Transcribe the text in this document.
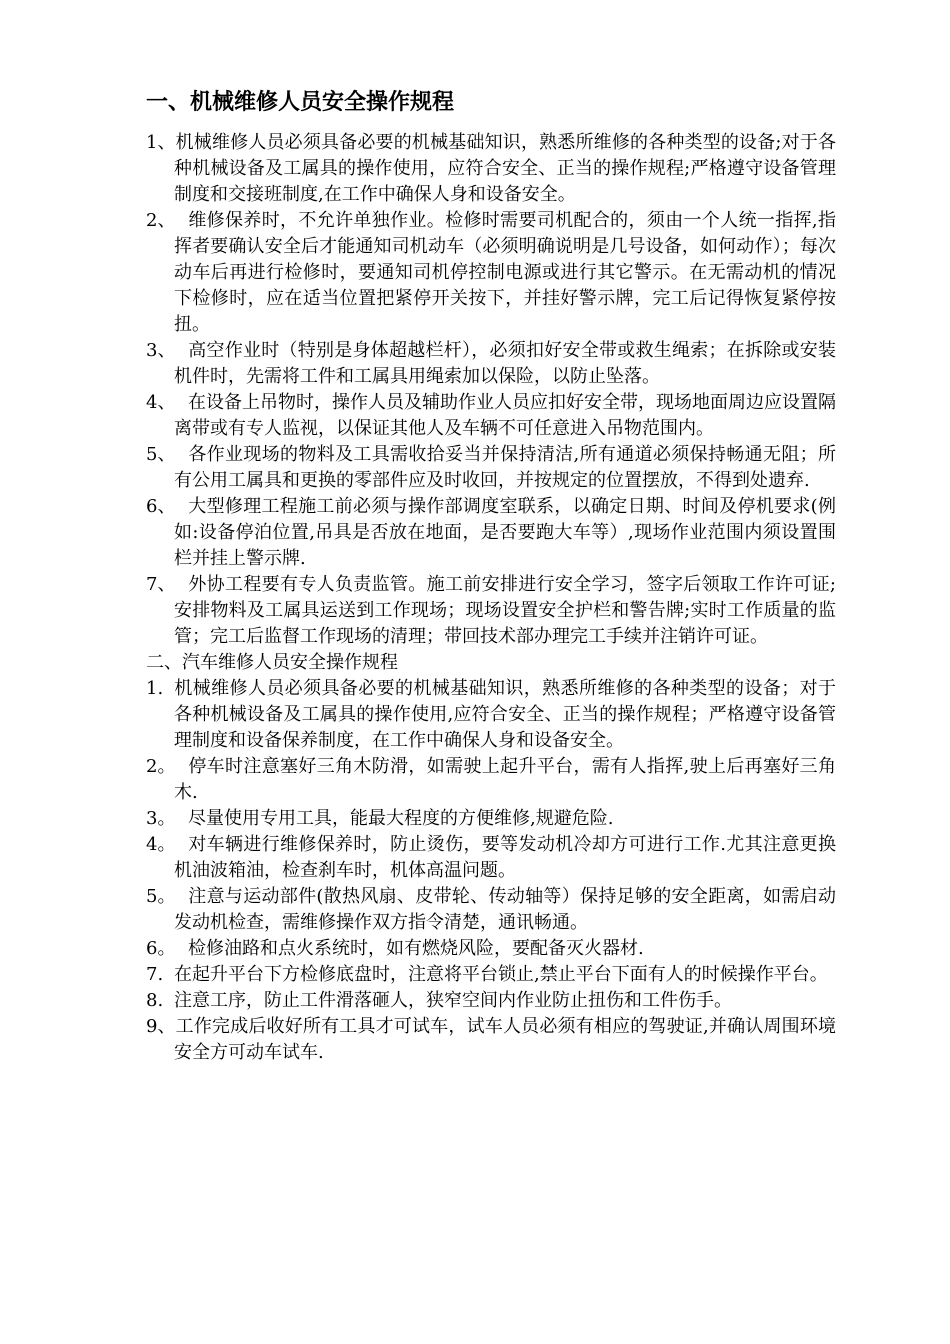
一、机械维修人员安全操作规程

1、机械维修人员必须具备必要的机械基础知识，熟悉所维修的各种类型的设备;对于各种机械设备及工属具的操作使用，应符合安全、正当的操作规程;严格遵守设备管理制度和交接班制度,在工作中确保人身和设备安全。

2、 维修保养时，不允许单独作业。检修时需要司机配合的，须由一个人统一指挥,指挥者要确认安全后才能通知司机动车（必须明确说明是几号设备，如何动作）；每次动车后再进行检修时，要通知司机停控制电源或进行其它警示。在无需动机的情况下检修时，应在适当位置把紧停开关按下，并挂好警示牌，完工后记得恢复紧停按扭。

3、 高空作业时（特别是身体超越栏杆），必须扣好安全带或救生绳索；在拆除或安装机件时，先需将工件和工属具用绳索加以保险，以防止坠落。

4、 在设备上吊物时，操作人员及辅助作业人员应扣好安全带，现场地面周边应设置隔离带或有专人监视，以保证其他人及车辆不可任意进入吊物范围内。

5、 各作业现场的物料及工具需收拾妥当并保持清洁,所有通道必须保持畅通无阻；所有公用工属具和更换的零部件应及时收回，并按规定的位置摆放，不得到处遗弃.

6、 大型修理工程施工前必须与操作部调度室联系，以确定日期、时间及停机要求(例如:设备停泊位置,吊具是否放在地面，是否要跑大车等）,现场作业范围内须设置围栏并挂上警示牌.

7、 外协工程要有专人负责监管。施工前安排进行安全学习，签字后领取工作许可证;安排物料及工属具运送到工作现场；现场设置安全护栏和警告牌;实时工作质量的监管；完工后监督工作现场的清理；带回技术部办理完工手续并注销许可证。

二、汽车维修人员安全操作规程

1. 机械维修人员必须具备必要的机械基础知识，熟悉所维修的各种类型的设备；对于各种机械设备及工属具的操作使用,应符合安全、正当的操作规程；严格遵守设备管理制度和设备保养制度，在工作中确保人身和设备安全。

2。 停车时注意塞好三角木防滑，如需驶上起升平台，需有人指挥,驶上后再塞好三角木.

3。 尽量使用专用工具，能最大程度的方便维修,规避危险.

4。 对车辆进行维修保养时，防止烫伤，要等发动机冷却方可进行工作.尤其注意更换机油波箱油，检查刹车时，机体高温问题。

5。 注意与运动部件(散热风扇、皮带轮、传动轴等）保持足够的安全距离，如需启动发动机检查，需维修操作双方指令清楚，通讯畅通。

6。 检修油路和点火系统时，如有燃烧风险，要配备灭火器材.

7. 在起升平台下方检修底盘时，注意将平台锁止,禁止平台下面有人的时候操作平台。

8. 注意工序，防止工件滑落砸人，狭窄空间内作业防止扭伤和工件伤手。

9、工作完成后收好所有工具才可试车，试车人员必须有相应的驾驶证,并确认周围环境安全方可动车试车.
